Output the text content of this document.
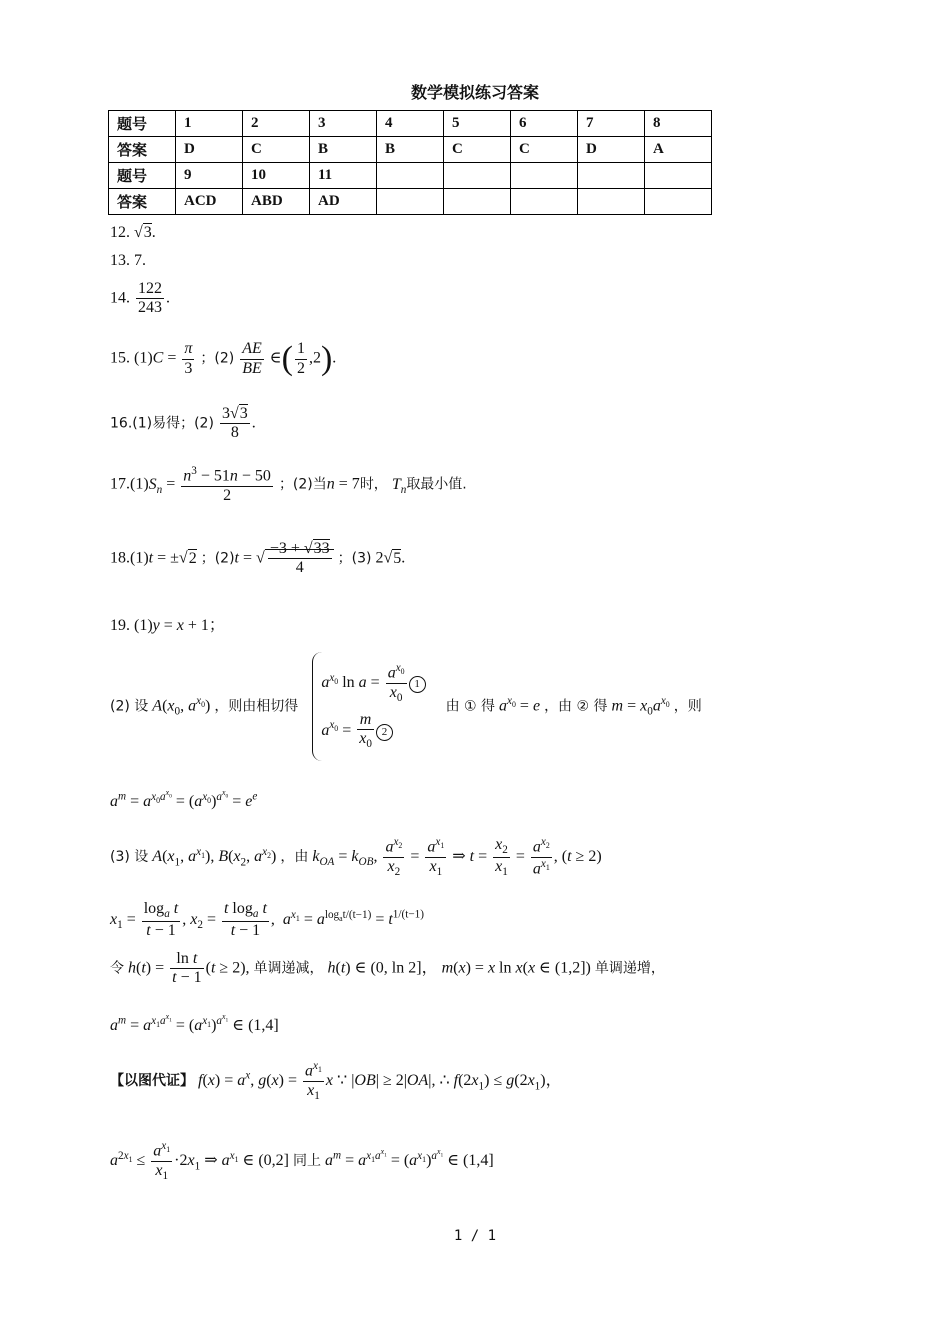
数学模拟练习答案
题号	1	2	3	4	5	6	7	8
答案	D	C	B	B	C	C	D	A
题号	9	10	11					
答案	ACD	ABD	AD					
12. √3.
13. 7.
14. $\frac{122}{243}$ .
15. $(1)C = \frac{\pi}{3}$ ；$(2) \frac{AE}{BE}$ ∈( $\frac{1}{2} ,2$).
16.(1)易得；$(2) \frac{3√3}{8}$ .
$17.(1)S_n = \frac{n^3 - 51n - 50}{2}$ ；(2)当n = 7时， $T_n$取最小值.
18.(1)t = ±√2 ；(2)t = √ $\frac{-3 + √33}{4}$ ；(3) 2√5.
19. (1)y = x + 1；
(2) 设 $A(x_0$, $a^{x_0}$) ，则由相切得
$a^{x_0}$ $\ln a = \frac{a^{x_0}}{x_0} 1$
$a^{x_0} = \frac{m}{x_0} 2$
由 ① 得 $a^{x_0} = e$ ，由 ② 得 $m = x_0a^{x_0}$ ，则
$a^m = a^{x_0a^{x_0}} = (a^{x_0})^{a^{x_0}} = e^e$
(3) 设 $A(x_1$, $a^{x_1}$), $B(x_2$, $a^{x_2}$) ，由 $k_{OA} = k_{OB}$, $\frac{a^{x_2}}{x_2} = \frac{a^{x_1}}{x_1}$ ⇒ $t = \frac{x_2}{x_1} = \frac{a^{x_2}}{a^{x_1}}$ , (t ≥ 2)
$x_1 = \frac{\log_a t}{t - 1}$ , $x_2 = \frac{t \log_a t}{t - 1}$ ,  $a^{x_1} = a^{log_at/(t-1)} = t^{1/(t-1)}$
令 $h(t) = \frac{\text{ln t}}{t - 1} (t \ge 2)$, 单调递减， h(t) ∈ (0, ln 2]， m(x) = x ln x(x ∈ (1,2]) 单调递增，
$a^m = a^{x_1a^{x_1}} = (a^{x_1})^{a^{x_1}}$ ∈ (1,4]
【以图代证】 $f(x) = a^x$, $g(x) = \frac{a^{x_1}}{x_1}$ x ∵ |OB| ≥ 2|OA|, ∴ $f(2x_1) \le g(2x_1)$，
$a^{2x_1} \le \frac{a^{x_1}}{x_1} \cdot 2x_1$ ⇒ $a^{x_1}$ ∈ (0,2] 同上 $a^m = a^{x_1a^{x_1}} = (a^{x_1})^{a^{x_1}}$ ∈ (1,4]
1 / 1
